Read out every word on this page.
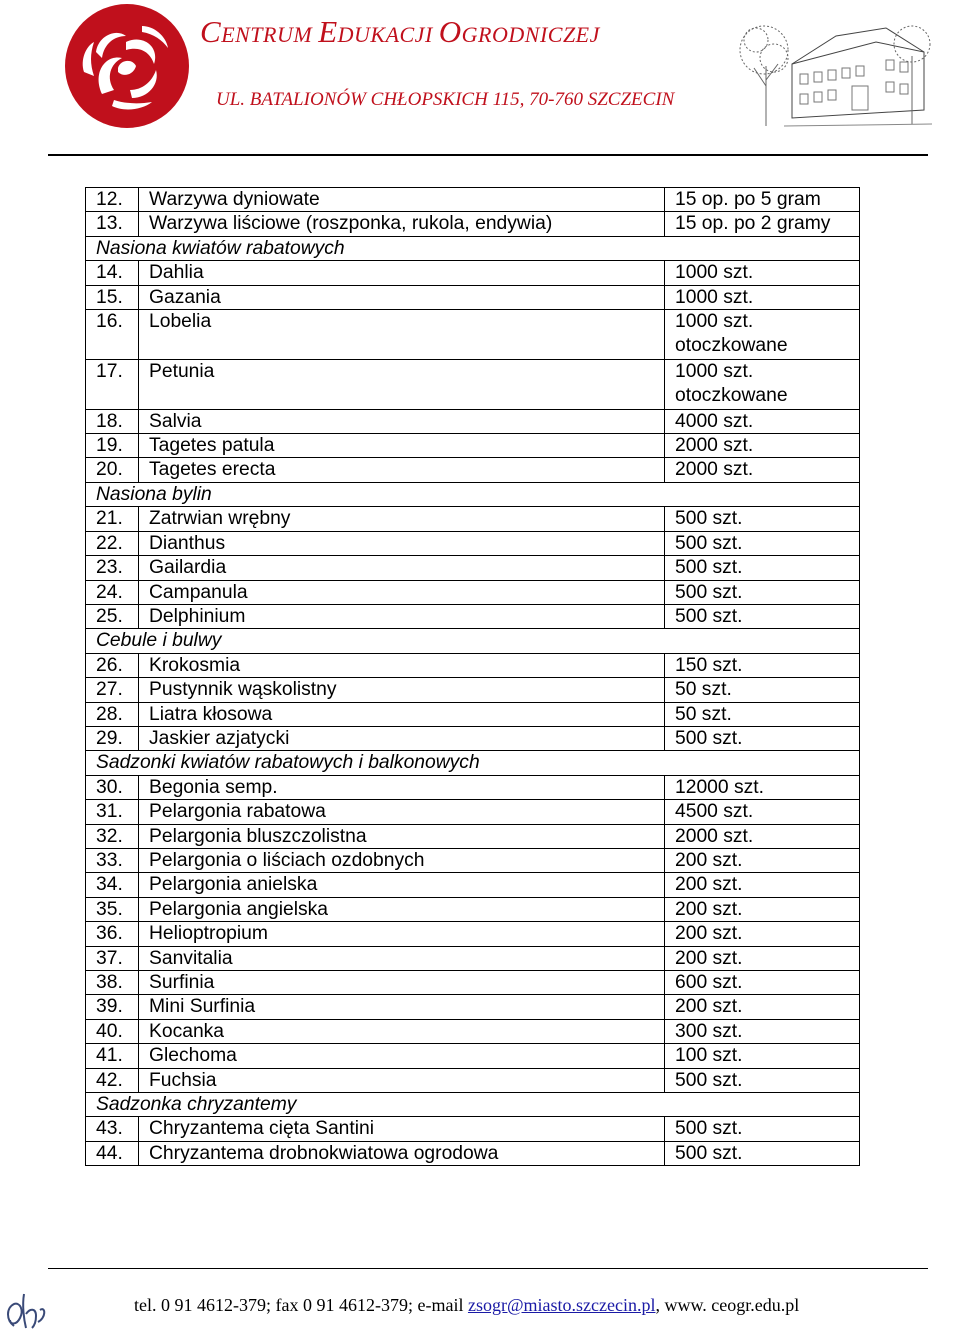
CENTRUM EDUKACJI OGRODNICZEJ
UL. BATALIONÓW CHŁOPSKICH 115, 70-760 SZCZECIN
12.	Warzywa dyniowate	15 op. po 5 gram
13.	Warzywa liściowe (roszponka, rukola, endywia)	15 op. po 2 gramy
Nasiona kwiatów rabatowych		
14.	Dahlia	1000 szt.
15.	Gazania	1000 szt.
16.	Lobelia	1000 szt.
otoczkowane

17.	Petunia	1000 szt.
otoczkowane

18.	Salvia	4000 szt.
19.	Tagetes patula	2000 szt.
20.	Tagetes erecta	2000 szt.
Nasiona bylin		
21.	Zatrwian wrębny	500 szt.
22.	Dianthus	500 szt.
23.	Gailardia	500 szt.
24.	Campanula	500 szt.
25.	Delphinium	500 szt.
Cebule i bulwy		
26.	Krokosmia	150 szt.
27.	Pustynnik wąskolistny	50 szt.
28.	Liatra kłosowa	50 szt.
29.	Jaskier azjatycki	500 szt.
Sadzonki kwiatów rabatowych i balkonowych		
30.	Begonia semp.	12000 szt.
31.	Pelargonia rabatowa	4500 szt.
32.	Pelargonia bluszczolistna	2000 szt.
33.	Pelargonia o liściach ozdobnych	200 szt.
34.	Pelargonia anielska	200 szt.
35.	Pelargonia angielska	200 szt.
36.	Helioptropium	200 szt.
37.	Sanvitalia	200 szt.
38.	Surfinia	600 szt.
39.	Mini Surfinia	200 szt.
40.	Kocanka	300 szt.
41.	Glechoma	100 szt.
42.	Fuchsia	500 szt.
Sadzonka chryzantemy		
43.	Chryzantema cięta Santini	500 szt.
44.	Chryzantema drobnokwiatowa ogrodowa	500 szt.
tel. 0 91 4612-379; fax 0 91 4612-379; e-mail zsogr@miasto.szczecin.pl, www. ceogr.edu.pl
